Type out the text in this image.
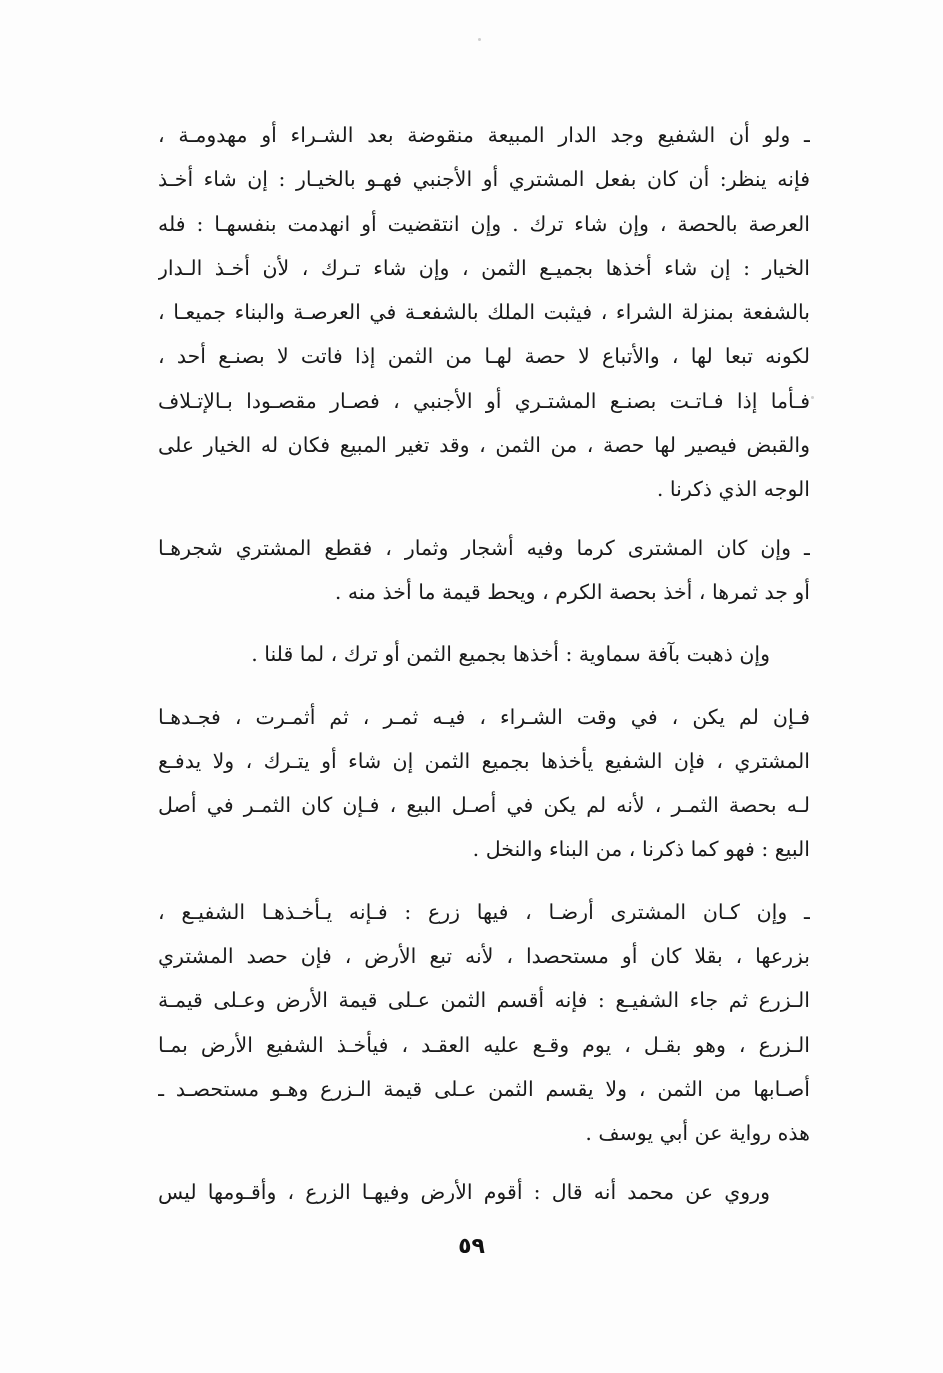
ـ ولو أن الشفيع وجد الدار المبيعة منقوضة بعد الشـراء أو مهدومـة ،
فإنه ينظر: أن كان بفعل المشتري أو الأجنبي فهـو بالخيـار : إن شاء أخـذ
العرصة بالحصة ، وإن شاء ترك . وإن انتقضيت أو انهدمت بنفسهـا : فله
الخيار : إن شاء أخذها بجميـع الثمن ، وإن شاء تـرك ، لأن أخـذ الـدار
بالشفعة بمنزلة الشراء ، فيثبت الملك بالشفعـة في العرصـة والبناء جميعـا ،
لكونه تبعا لها ، والأتباع لا حصة لهـا من الثمن إذا فاتت لا بصنـع أحد ،
فـأما إذا فـاتـت بصنـع المشتـري أو الأجنبي ، فصـار مقصـودا بـالإتـلاف
والقبض فيصير لها حصة ، من الثمن ، وقد تغير المبيع فكان له الخيار على
الوجه الذي ذكرنا .
ـ وإن كان المشترى كرما وفيه أشجار وثمار ، فقطع المشتري شجرهـا
أو جد ثمرها ، أخذ بحصة الكرم ، ويحط قيمة ما أخذ منه .
وإن ذهبت بآفة سماوية : أخذها بجميع الثمن أو ترك ، لما قلنا .
فـإن لم يكن ، في وقت الشـراء ، فيـه ثمـر ، ثم أثمـرت ، فجـدهـا
المشتري ، فإن الشفيع يأخذها بجميع الثمن إن شاء أو يتـرك ، ولا يدفـع
لـه بحصة الثمـر ، لأنه لم يكن في أصـل البيع ، فـإن كان الثمـر في أصل
البيع : فهو كما ذكرنا ، من البناء والنخل .
ـ وإن كـان المشترى أرضـا ، فيها زرع : فـإنه يـأخـذهـا الشفيـع ،
بزرعها ، بقلا كان أو مستحصدا ، لأنه تبع الأرض ، فإن حصد المشتري
الـزرع ثم جاء الشفيـع : فإنه أقسم الثمن عـلى قيمة الأرض وعـلى قيمـة
الـزرع ، وهو بقـل ، يوم وقـع عليه العقـد ، فيأخـذ الشفيع الأرض بمـا
أصـابها من الثمن ، ولا يقسم الثمن عـلى قيمة الـزرع وهـو مستحصـد ـ
هذه رواية عن أبي يوسف .
وروي عن محمد أنه قال : أقوم الأرض وفيهـا الزرع ، وأقـومها ليس
٥٩
